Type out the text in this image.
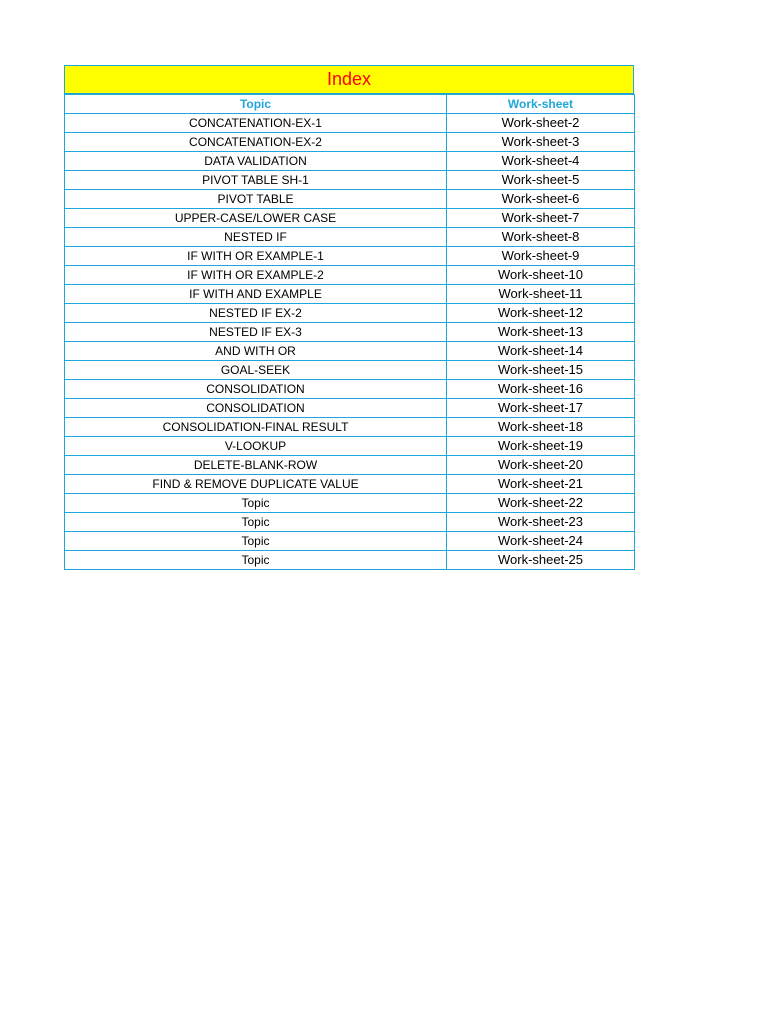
Index
Topic	Work-sheet
CONCATENATION-EX-1	Work-sheet-2
CONCATENATION-EX-2	Work-sheet-3
DATA VALIDATION	Work-sheet-4
PIVOT TABLE SH-1	Work-sheet-5
PIVOT TABLE	Work-sheet-6
UPPER-CASE/LOWER CASE	Work-sheet-7
NESTED IF	Work-sheet-8
IF WITH OR EXAMPLE-1	Work-sheet-9
IF WITH OR EXAMPLE-2	Work-sheet-10
IF WITH AND EXAMPLE	Work-sheet-11
NESTED IF EX-2	Work-sheet-12
NESTED IF EX-3	Work-sheet-13
AND WITH OR	Work-sheet-14
GOAL-SEEK	Work-sheet-15
CONSOLIDATION	Work-sheet-16
CONSOLIDATION	Work-sheet-17
CONSOLIDATION-FINAL RESULT	Work-sheet-18
V-LOOKUP	Work-sheet-19
DELETE-BLANK-ROW	Work-sheet-20
FIND & REMOVE DUPLICATE VALUE	Work-sheet-21
Topic	Work-sheet-22
Topic	Work-sheet-23
Topic	Work-sheet-24
Topic	Work-sheet-25
